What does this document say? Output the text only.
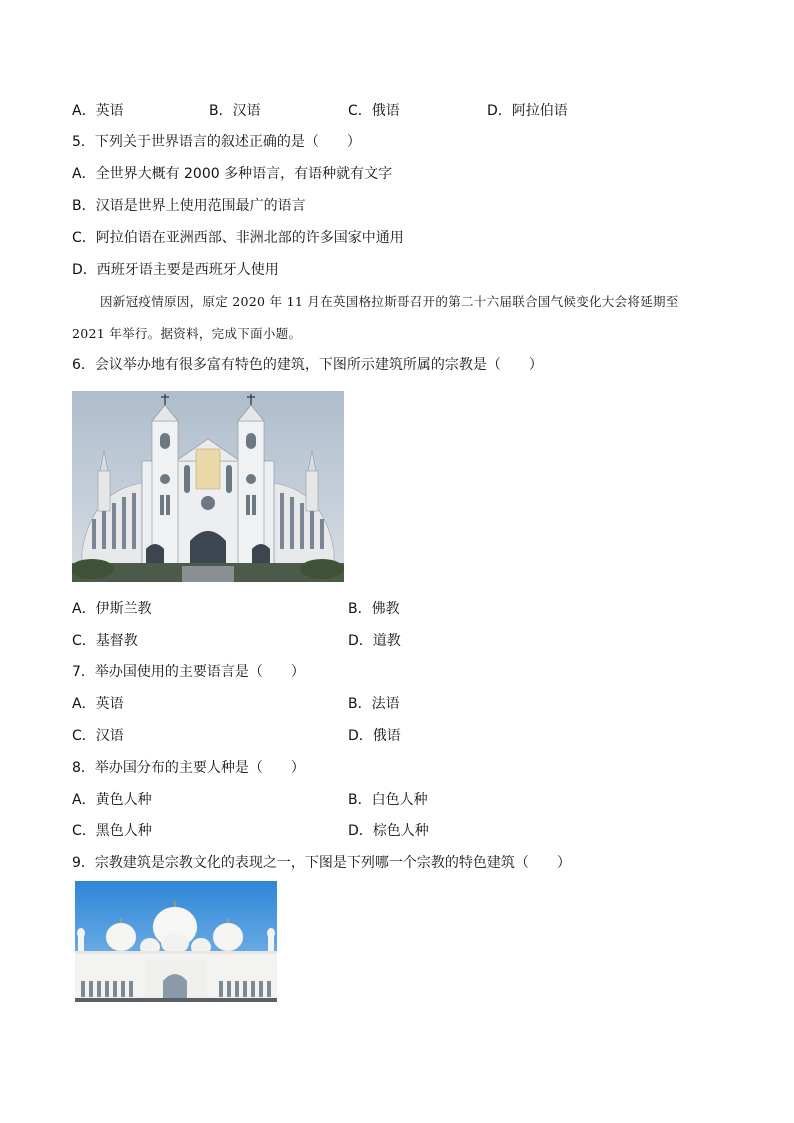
A．英语	B．汉语	C．俄语	D．阿拉伯语
5．下列关于世界语言的叙述正确的是（　　）
A．全世界大概有 2000 多种语言，有语种就有文字
B．汉语是世界上使用范围最广的语言
C．阿拉伯语在亚洲西部、非洲北部的许多国家中通用
D．西班牙语主要是西班牙人使用
因新冠疫情原因，原定 2020 年 11 月在英国格拉斯哥召开的第二十六届联合国气候变化大会将延期至
2021 年举行。据资料，完成下面小题。
6．会议举办地有很多富有特色的建筑，下图所示建筑所属的宗教是（　　）
A．伊斯兰教	B．佛教
C．基督教	D．道教
7．举办国使用的主要语言是（　　）
A．英语	B．法语
C．汉语	D．俄语
8．举办国分布的主要人种是（　　）
A．黄色人种	B．白色人种
C．黑色人种	D．棕色人种
9．宗教建筑是宗教文化的表现之一，下图是下列哪一个宗教的特色建筑（　　）
